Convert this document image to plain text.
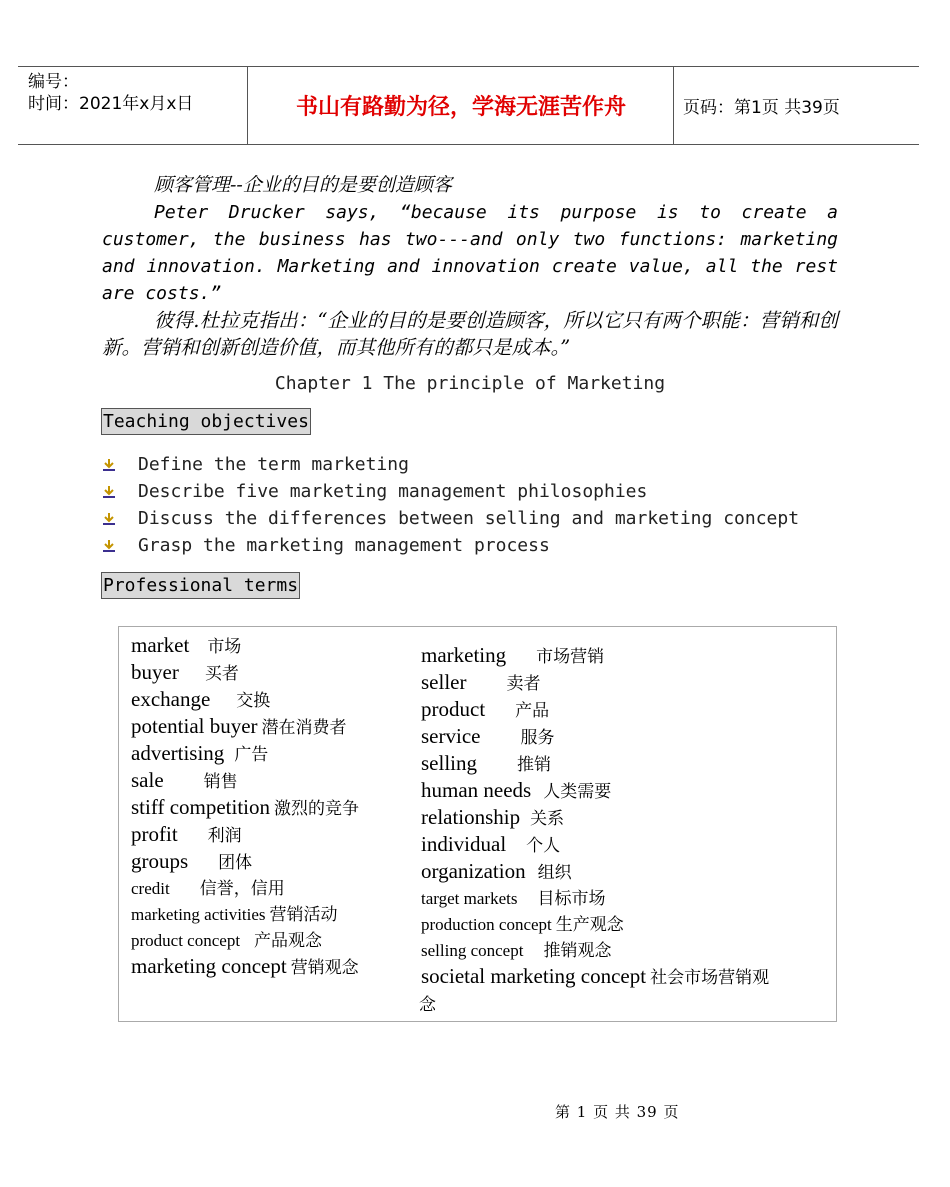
编号：
时间：2021年x月x日	书山有路勤为径，学海无涯苦作舟	页码：第1页 共39页

顾客管理--企业的目的是要创造顾客

Peter Drucker says, “because its purpose is to create a customer, the business has two---and only two functions: marketing and innovation. Marketing and innovation create value, all the rest are costs.”

彼得.杜拉克指出：“企业的目的是要创造顾客，所以它只有两个职能：营销和创新。营销和创新创造价值，而其他所有的都只是成本。”

Chapter 1 The principle of Marketing
Teaching objectives
Define the term marketing
Describe five marketing management philosophies
Discuss the differences between selling and marketing concept
Grasp the marketing management process
Professional terms
market 市场
buyer 买者
exchange 交换
potential buyer 潜在消费者
advertising 广告
sale 销售
stiff competition 激烈的竞争
profit 利润
groups 团体
credit 信誉，信用
marketing activities 营销活动
product concept 产品观念
marketing concept 营销观念
marketing 市场营销
seller 卖者
product 产品
service 服务
selling 推销
human needs 人类需要
relationship 关系
individual 个人
organization 组织
target markets 目标市场
production concept 生产观念
selling concept 推销观念
societal marketing concept 社会市场营销观
念
第 1 页 共 39 页
